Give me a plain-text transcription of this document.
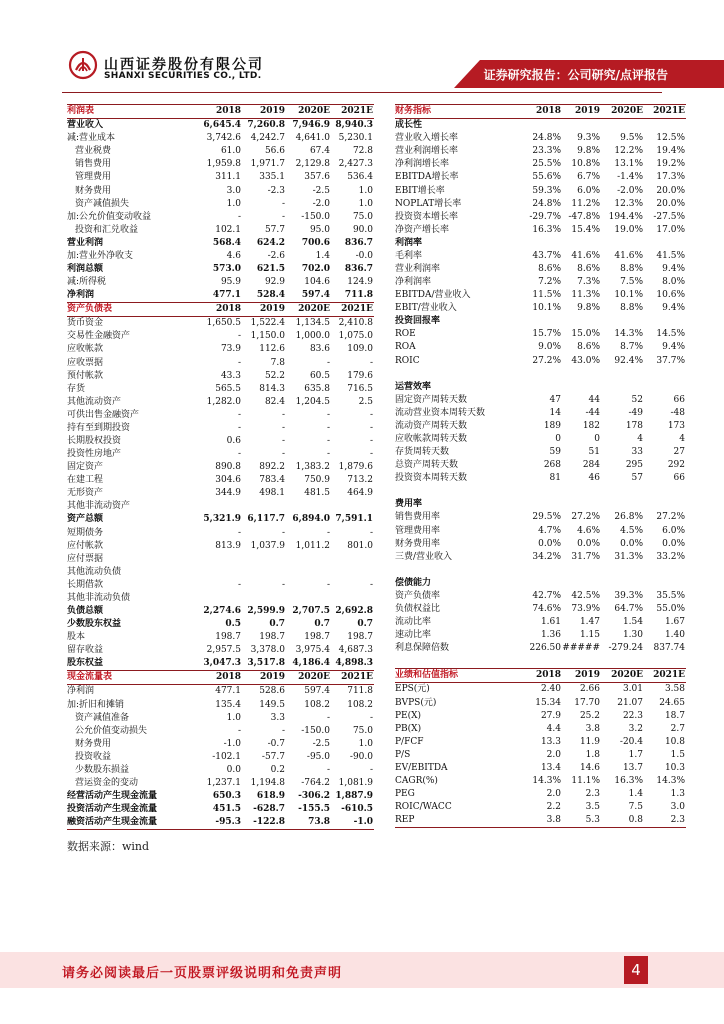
山西证券股份有限公司
SHANXI SECURITIES CO., LTD.	证券研究报告：公司研究/点评报告
利润表	2018	2019	2020E	2021E
营业收入	6,645.4	7,260.8	7,946.9	8,940.3
减:营业成本	3,742.6	4,242.7	4,641.0	5,230.1
营业税费	61.0	56.6	67.4	72.8
销售费用	1,959.8	1,971.7	2,129.8	2,427.3
管理费用	311.1	335.1	357.6	536.4
财务费用	3.0	-2.3	-2.5	1.0
资产减值损失	1.0	-	-2.0	1.0
加:公允价值变动收益	-	-	-150.0	75.0
投资和汇兑收益	102.1	57.7	95.0	90.0
营业利润	568.4	624.2	700.6	836.7
加:营业外净收支	4.6	-2.6	1.4	-0.0
利润总额	573.0	621.5	702.0	836.7
减:所得税	95.9	92.9	104.6	124.9
净利润	477.1	528.4	597.4	711.8
资产负债表	2018	2019	2020E	2021E
货币资金	1,650.5	1,522.4	1,134.5	2,410.8
交易性金融资产	-	1,150.0	1,000.0	1,075.0
应收帐款	73.9	112.6	83.6	109.0
应收票据	-	7.8	-	-
预付帐款	43.3	52.2	60.5	179.6
存货	565.5	814.3	635.8	716.5
其他流动资产	1,282.0	82.4	1,204.5	2.5
可供出售金融资产	-	-	-	-
持有至到期投资	-	-	-	-
长期股权投资	0.6	-	-	-
投资性房地产	-	-	-	-
固定资产	890.8	892.2	1,383.2	1,879.6
在建工程	304.6	783.4	750.9	713.2
无形资产	344.9	498.1	481.5	464.9
其他非流动资产				
资产总额	5,321.9	6,117.7	6,894.0	7,591.1
短期债务	-	-	-	-
应付帐款	813.9	1,037.9	1,011.2	801.0
应付票据				
其他流动负债				
长期借款	-	-	-	-
其他非流动负债				
负债总额	2,274.6	2,599.9	2,707.5	2,692.8
少数股东权益	0.5	0.7	0.7	0.7
股本	198.7	198.7	198.7	198.7
留存收益	2,957.5	3,378.0	3,975.4	4,687.3
股东权益	3,047.3	3,517.8	4,186.4	4,898.3
现金流量表	2018	2019	2020E	2021E
净利润	477.1	528.6	597.4	711.8
加:折旧和摊销	135.4	149.5	108.2	108.2
资产减值准备	1.0	3.3	-	-
公允价值变动损失	-	-	-150.0	75.0
财务费用	-1.0	-0.7	-2.5	1.0
投资收益	-102.1	-57.7	-95.0	-90.0
少数股东损益	0.0	0.2	-	-
营运资金的变动	1,237.1	1,194.8	-764.2	1,081.9
经营活动产生现金流量	650.3	618.9	-306.2	1,887.9
投资活动产生现金流量	451.5	-628.7	-155.5	-610.5
融资活动产生现金流量	-95.3	-122.8	73.8	-1.0
财务指标	2018	2019	2020E	2021E
成长性				
营业收入增长率	24.8%	9.3%	9.5%	12.5%
营业利润增长率	23.3%	9.8%	12.2%	19.4%
净利润增长率	25.5%	10.8%	13.1%	19.2%
EBITDA增长率	55.6%	6.7%	-1.4%	17.3%
EBIT增长率	59.3%	6.0%	-2.0%	20.0%
NOPLAT增长率	24.8%	11.2%	12.3%	20.0%
投资资本增长率	-29.7%	-47.8%	194.4%	-27.5%
净资产增长率	16.3%	15.4%	19.0%	17.0%
利润率				
毛利率	43.7%	41.6%	41.6%	41.5%
营业利润率	8.6%	8.6%	8.8%	9.4%
净利润率	7.2%	7.3%	7.5%	8.0%
EBITDA/营业收入	11.5%	11.3%	10.1%	10.6%
EBIT/营业收入	10.1%	9.8%	8.8%	9.4%
投资回报率				
ROE	15.7%	15.0%	14.3%	14.5%
ROA	9.0%	8.6%	8.7%	9.4%
ROIC	27.2%	43.0%	92.4%	37.7%

运营效率				
固定资产周转天数	47	44	52	66
流动营业资本周转天数	14	-44	-49	-48
流动资产周转天数	189	182	178	173
应收帐款周转天数	0	0	4	4
存货周转天数	59	51	33	27
总资产周转天数	268	284	295	292
投资资本周转天数	81	46	57	66

费用率				
销售费用率	29.5%	27.2%	26.8%	27.2%
管理费用率	4.7%	4.6%	4.5%	6.0%
财务费用率	0.0%	0.0%	0.0%	0.0%
三费/营业收入	34.2%	31.7%	31.3%	33.2%

偿债能力				
资产负债率	42.7%	42.5%	39.3%	35.5%
负债权益比	74.6%	73.9%	64.7%	55.0%
流动比率	1.61	1.47	1.54	1.67
速动比率	1.36	1.15	1.30	1.40
利息保障倍数	226.50	#####	-279.24	837.74

业绩和估值指标	2018	2019	2020E	2021E
EPS(元)	2.40	2.66	3.01	3.58
BVPS(元)	15.34	17.70	21.07	24.65
PE(X)	27.9	25.2	22.3	18.7
PB(X)	4.4	3.8	3.2	2.7
P/FCF	13.3	11.9	-20.4	10.8
P/S	2.0	1.8	1.7	1.5
EV/EBITDA	13.4	14.6	13.7	10.3
CAGR(%)	14.3%	11.1%	16.3%	14.3%
PEG	2.0	2.3	1.4	1.3
ROIC/WACC	2.2	3.5	7.5	3.0
REP	3.8	5.3	0.8	2.3
数据来源：wind
请务必阅读最后一页股票评级说明和免责声明	4
